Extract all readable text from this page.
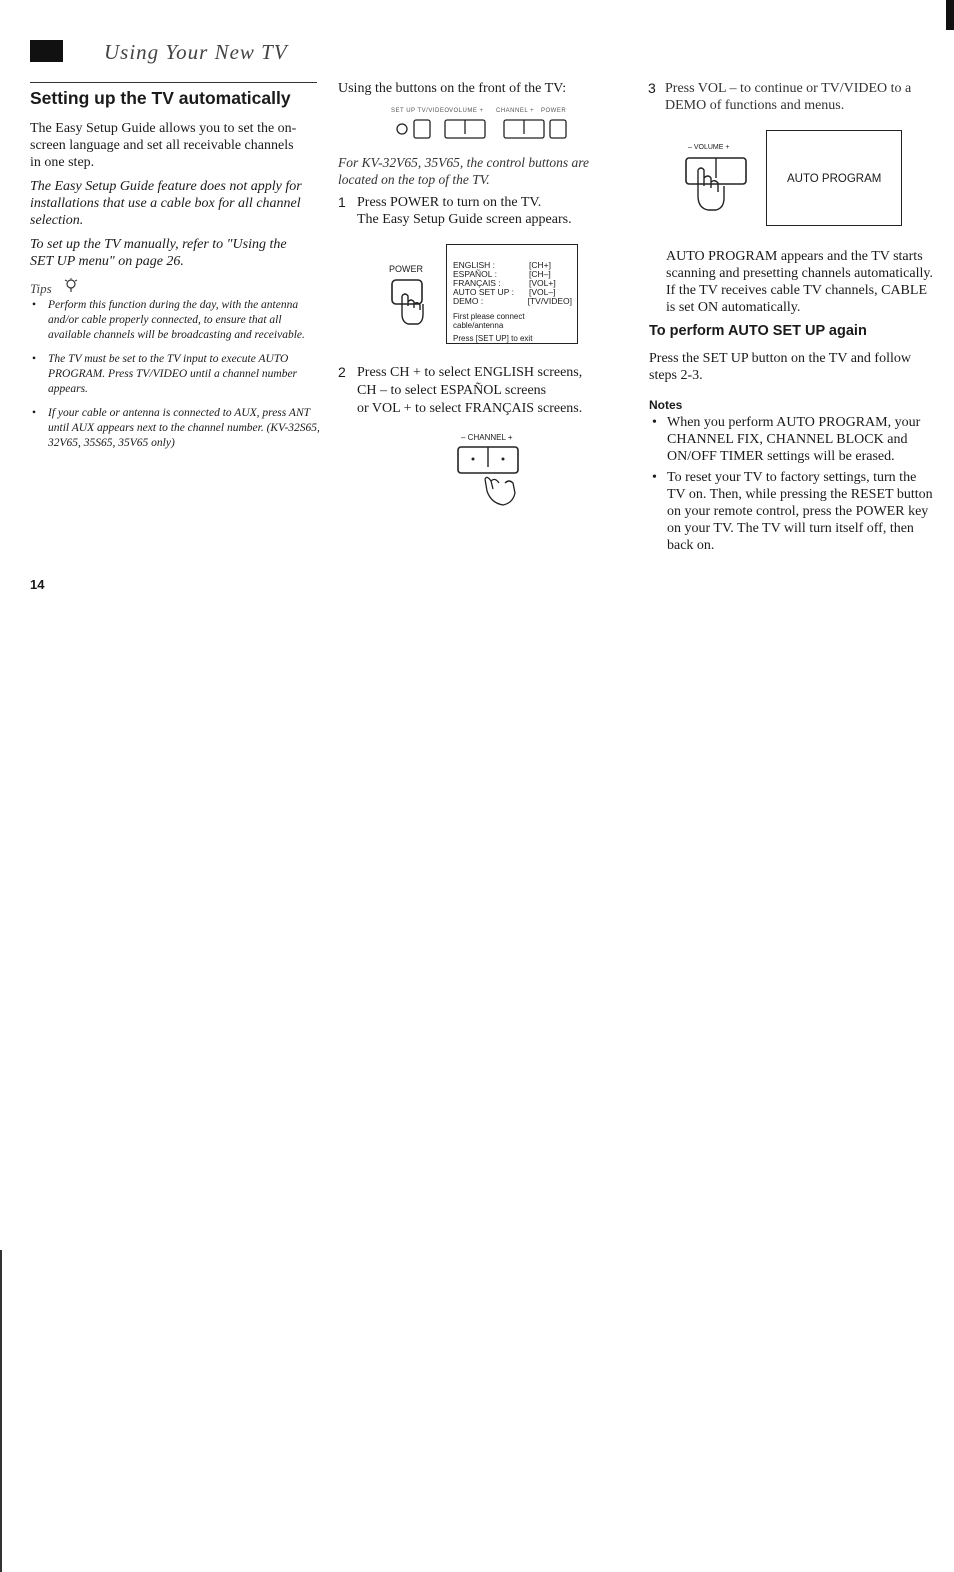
Using Your New TV
Setting up the TV automatically

The Easy Setup Guide allows you to set the on-screen language and set all receivable channels in one step.

The Easy Setup Guide feature does not apply for installations that use a cable box for all channel selection.

To set up the TV manually, refer to "Using the SET UP menu" on page 26.

Tips
• Perform this function during the day, with the antenna and/or cable properly connected, to ensure that all available channels will be broadcasting and receivable.
• The TV must be set to the TV input to execute AUTO PROGRAM. Press TV/VIDEO until a channel number appears.
• If your cable or antenna is connected to AUX, press ANT until AUX appears next to the channel number. (KV-32S65, 32V65, 35S65, 35V65 only)
14

Using the buttons on the front of the TV:

SET UP TV/VIDEO VOLUME + CHANNEL + POWER

For KV-32V65, 35V65, the control buttons are located on the top of the TV.

1 Press POWER to turn on the TV.
The Easy Setup Guide screen appears.
POWER	ENGLISH :	[CH+]
ESPAÑOL :	[CH–]
FRANÇAIS :	[VOL+]
AUTO SET UP :	[VOL–]
DEMO :	[TV/VIDEO]
First please connect cable/antenna
Press [SET UP] to exit
2 Press CH + to select ENGLISH screens,
CH – to select ESPAÑOL screens
or VOL + to select FRANÇAIS screens.
– CHANNEL +
3 Press VOL – to continue or TV/VIDEO to a DEMO of functions and menus.
– VOLUME +
AUTO PROGRAM

AUTO PROGRAM appears and the TV starts scanning and presetting channels automatically. If the TV receives cable TV channels, CABLE is set ON automatically.

To perform AUTO SET UP again

Press the SET UP button on the TV and follow steps 2-3.

Notes
• When you perform AUTO PROGRAM, your CHANNEL FIX, CHANNEL BLOCK and ON/OFF TIMER settings will be erased.
• To reset your TV to factory settings, turn the TV on. Then, while pressing the RESET button on your remote control, press the POWER key on your TV. The TV will turn itself off, then back on.
